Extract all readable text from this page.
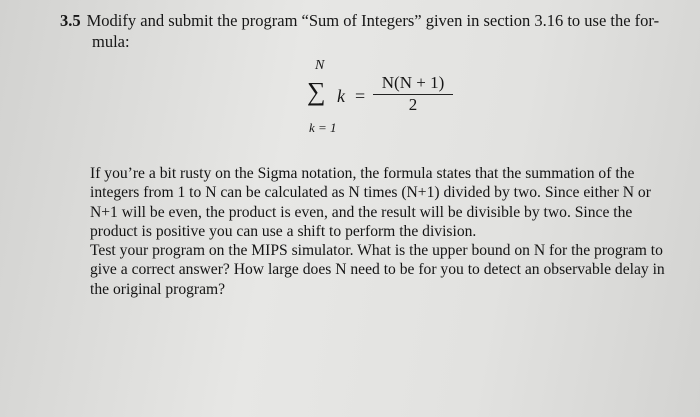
3.5 Modify and submit the program “Sum of Integers” given in section 3.16 to use the for-
mula:
N
∑ $k = \frac{N(N + 1)}{2}$
k = 1

If you’re a bit rusty on the Sigma notation, the formula states that the summation of the integers from 1 to N can be calculated as N times (N+1) divided by two. Since either N or N+1 will be even, the product is even, and the result will be divisible by two. Since the product is positive you can use a shift to perform the division.

Test your program on the MIPS simulator. What is the upper bound on N for the program to give a correct answer? How large does N need to be for you to detect an observable delay in the original program?
